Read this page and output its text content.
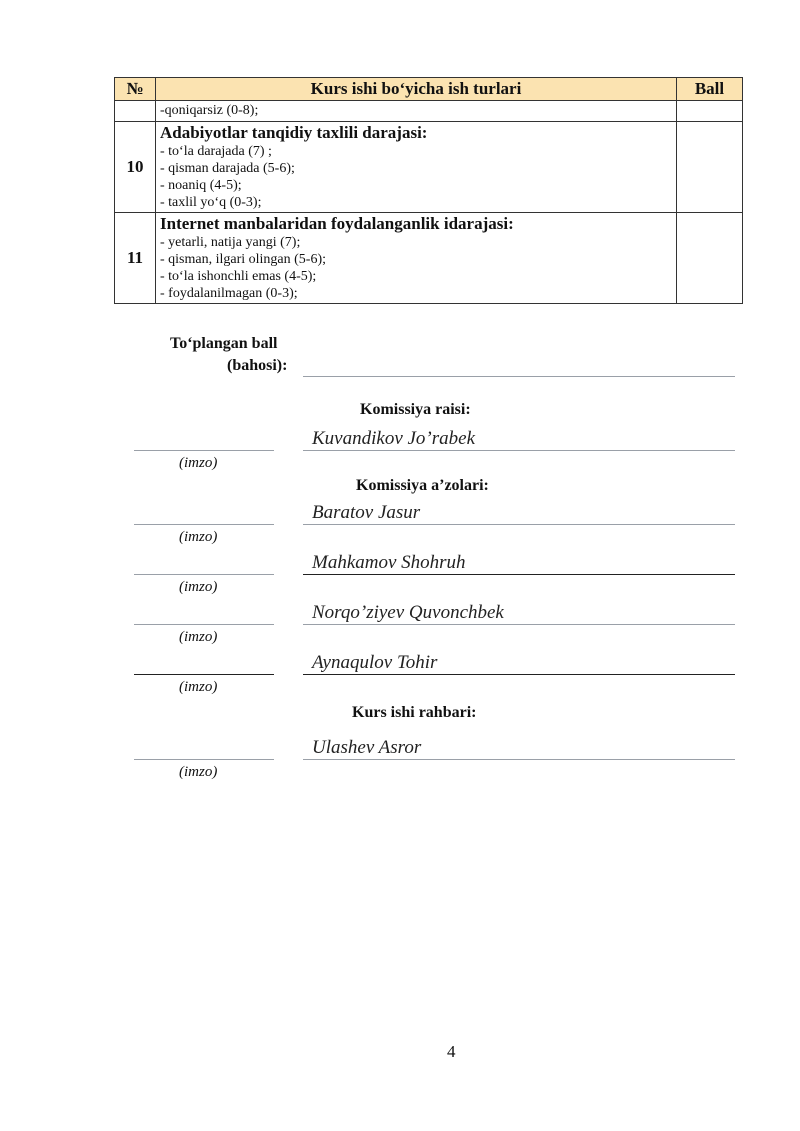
№	Kurs ishi bo‘yicha ish turlari	Ball

	-qoniqarsiz (0-8);	

10	Adabiyotlar tanqidiy taxlili darajasi:
- to‘la darajada (7) ;
- qisman darajada (5-6);
- noaniq (4-5);
- taxlil yo‘q (0-3);	

11	Internet manbalaridan foydalanganlik idarajasi:
- yetarli, natija yangi (7);
- qisman, ilgari olingan (5-6);
- to‘la ishonchli emas (4-5);
- foydalanilmagan (0-3);	

To‘plangan ball
(bahosi):
Komissiya raisi:
Kuvandikov Jo’rabek
(imzo)
Komissiya a’zolari:
Baratov Jasur
(imzo)
Mahkamov Shohruh
(imzo)
Norqo’ziyev Quvonchbek
(imzo)
Aynaqulov Tohir
(imzo)
Kurs ishi rahbari:
Ulashev Asror
(imzo)
4
